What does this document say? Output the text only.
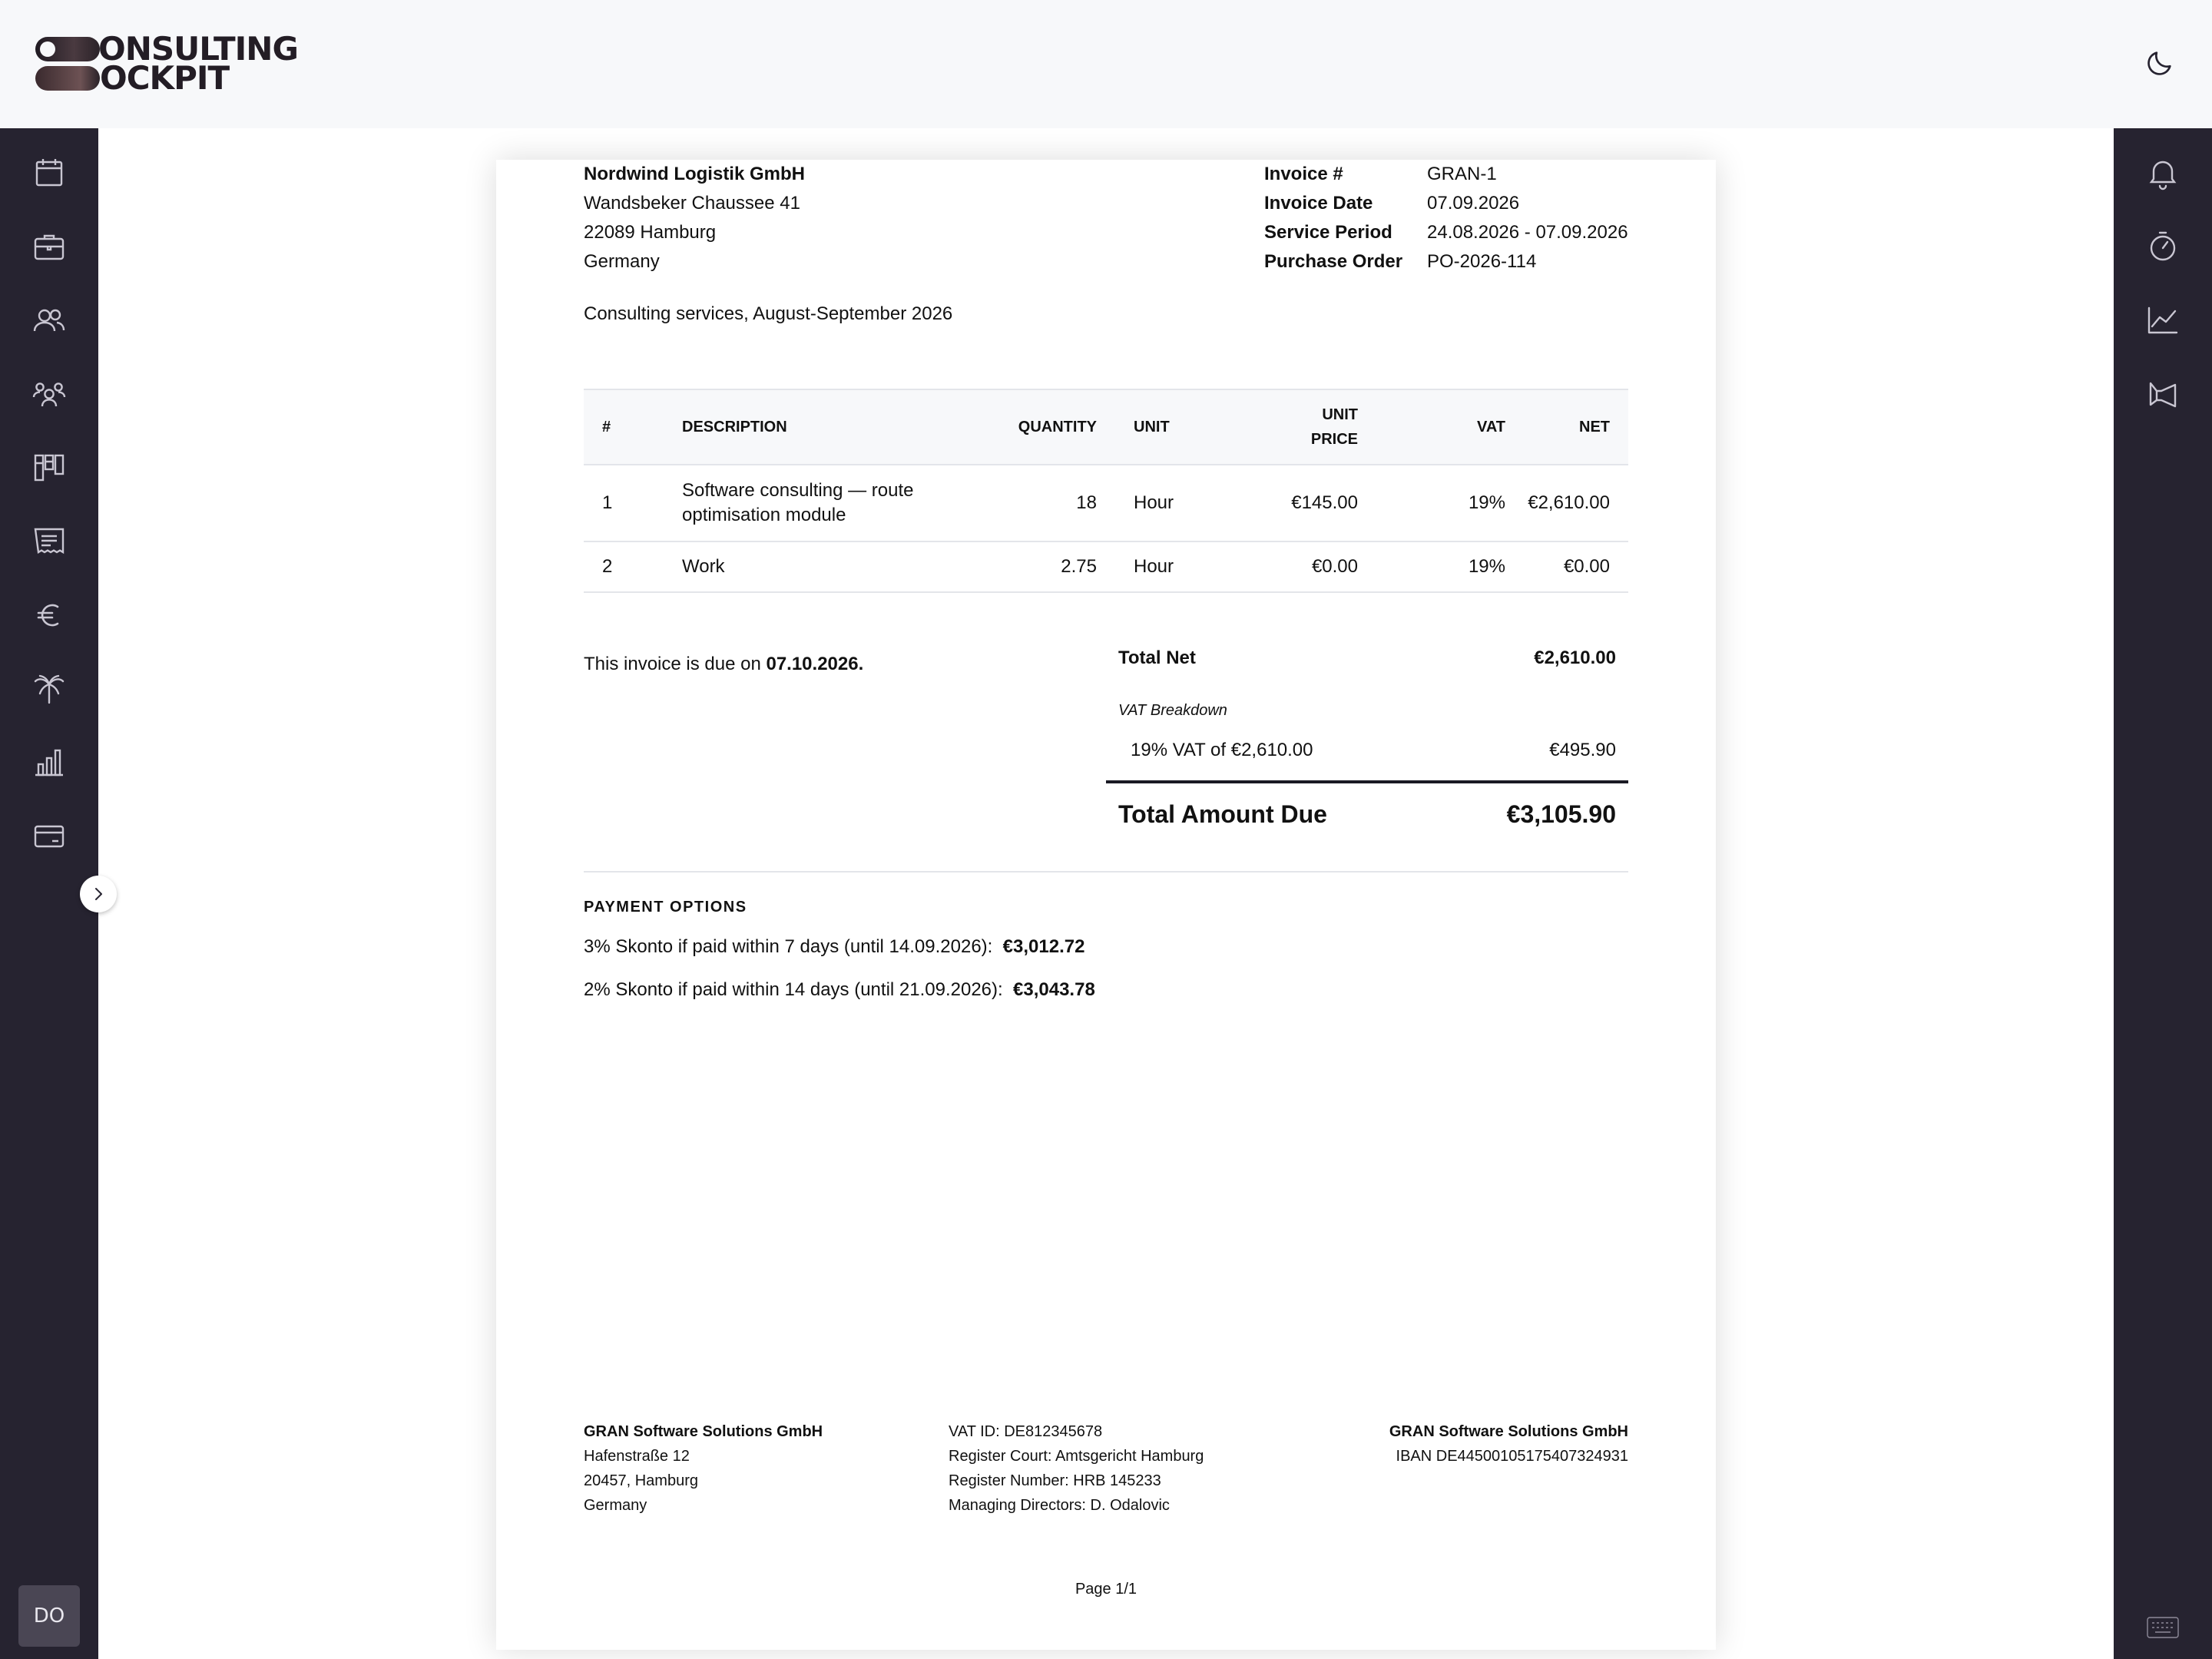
ONSULTING
OCKPIT
DO
Nordwind Logistik GmbH
Wandsbeker Chaussee 41
22089 Hamburg
Germany
Invoice #	GRAN-1
Invoice Date	07.09.2026
Service Period 24.08.2026 - 07.09.2026
Purchase Order PO-2026-114
Consulting services, August-September 2026
#	DESCRIPTION	QUANTITY	UNIT	UNIT
PRICE	VAT	NET
1	Software consulting — route
optimisation module	18	Hour	€145.00	19%	€2,610.00
2	Work	2.75	Hour	€0.00	19%	€0.00
This invoice is due on 07.10.2026.	Total Net	€2,610.00
VAT Breakdown
19% VAT of €2,610.00	€495.90
Total Amount Due	€3,105.90
PAYMENT OPTIONS
3% Skonto if paid within 7 days (until 14.09.2026): €3,012.72
2% Skonto if paid within 14 days (until 21.09.2026): €3,043.78
GRAN Software Solutions GmbH
Hafenstraße 12
20457, Hamburg
Germany
VAT ID: DE812345678
Register Court: Amtsgericht Hamburg
Register Number: HRB 145233
Managing Directors: D. Odalovic
GRAN Software Solutions GmbH
IBAN DE44500105175407324931
Page 1/1
